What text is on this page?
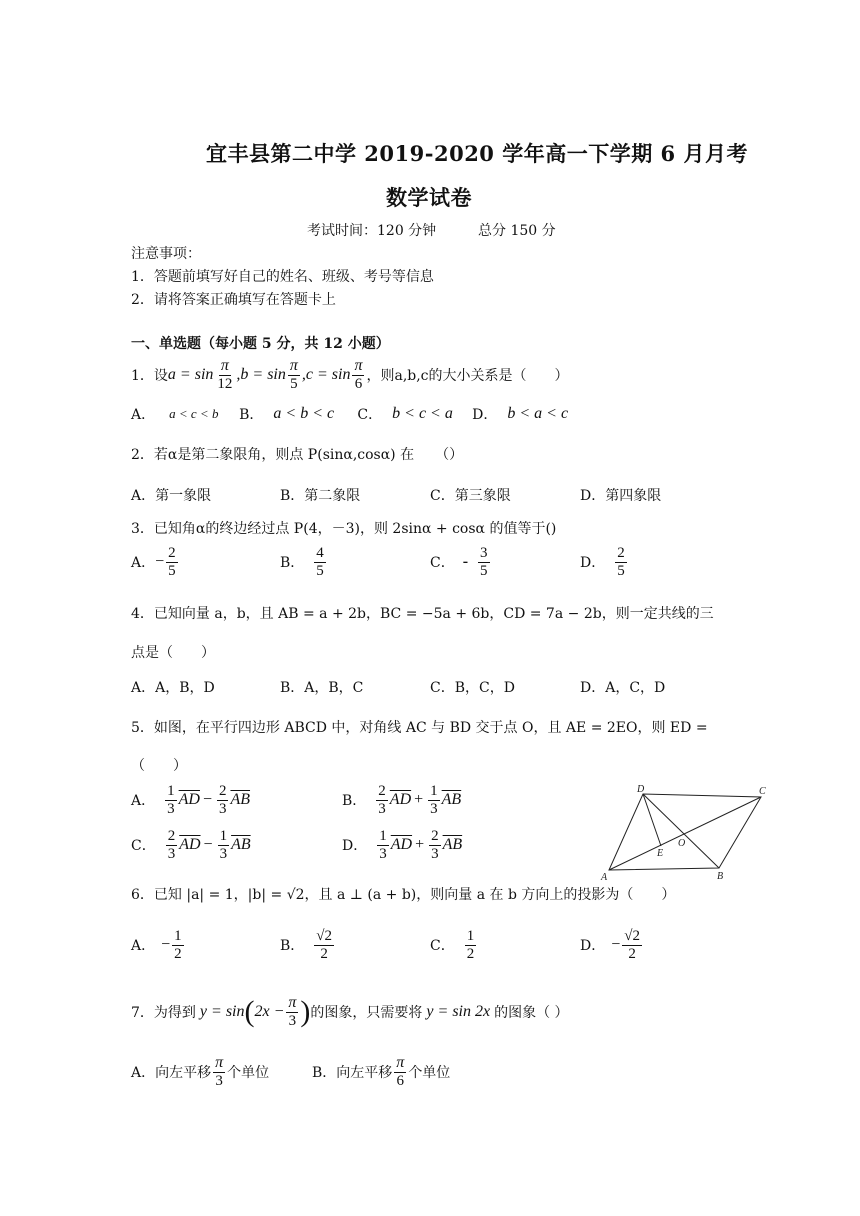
宜丰县第二中学 2019-2020 学年高一下学期 6 月月考
数学试卷
考试时间：120 分钟	总分 150 分
注意事项：
1．答题前填写好自己的姓名、班级、考号等信息
2．请将答案正确填写在答题卡上
一、单选题（每小题 5 分，共 12 小题）
1．设 $a = \sin \frac{\pi}{12} ,b = \sin \frac{\pi}{5} ,c = \sin \frac{\pi}{6}$ ，则a,b,c的大小关系是（　　）
A． a < c < b	B． a < b < c	C． b < c < a	D． b < a < c
2．若α是第二象限角，则点 P(sinα,cosα) 在　　（）
A．第一象限	B．第二象限	C．第三象限	D．第四象限
3．已知角α的终边经过点 P(4，－3)，则 2sinα + cosα 的值等于()
A． − $\frac{2}{5}$	B． $\frac{4}{5}$	C． - $\frac{3}{5}$	D． $\frac{2}{5}$
4．已知向量 a，b，且 AB = a + 2b，BC = −5a + 6b，CD = 7a − 2b，则一定共线的三
点是（　　）
A．A，B，D	B．A，B，C	C．B，C，D	D．A，C，D
5．如图，在平行四边形 ABCD 中，对角线 AC 与 BD 交于点 O，且 AE = 2EO，则 ED =
（　　）
A． $\frac{1}{3} \overline{AD} - \frac{2}{3} \overline{AB}$	B． $\frac{2}{3} \overline{AD} + \frac{1}{3} \overline{AB}$
C． $\frac{2}{3} \overline{AD} - \frac{1}{3} \overline{AB}$	D． $\frac{1}{3} \overline{AD} + \frac{2}{3} \overline{AB}$
A	B
C
D
E
O
6．已知 |a| = 1，|b| = √2，且 a ⊥ (a + b)，则向量 a 在 b 方向上的投影为（　　）
A． − $\frac{1}{2}$	B． $\frac{√2}{2}$	C． $\frac{1}{2}$	D． − $\frac{√2}{2}$
7．为得到 y = sin ( $2x - \frac{\pi}{3}$ ) 的图象，只需要将 y = sin 2x 的图象（ ）
A．向左平移 $\frac{\pi}{3}$ 个单位	B．向左平移 $\frac{\pi}{6}$ 个单位
